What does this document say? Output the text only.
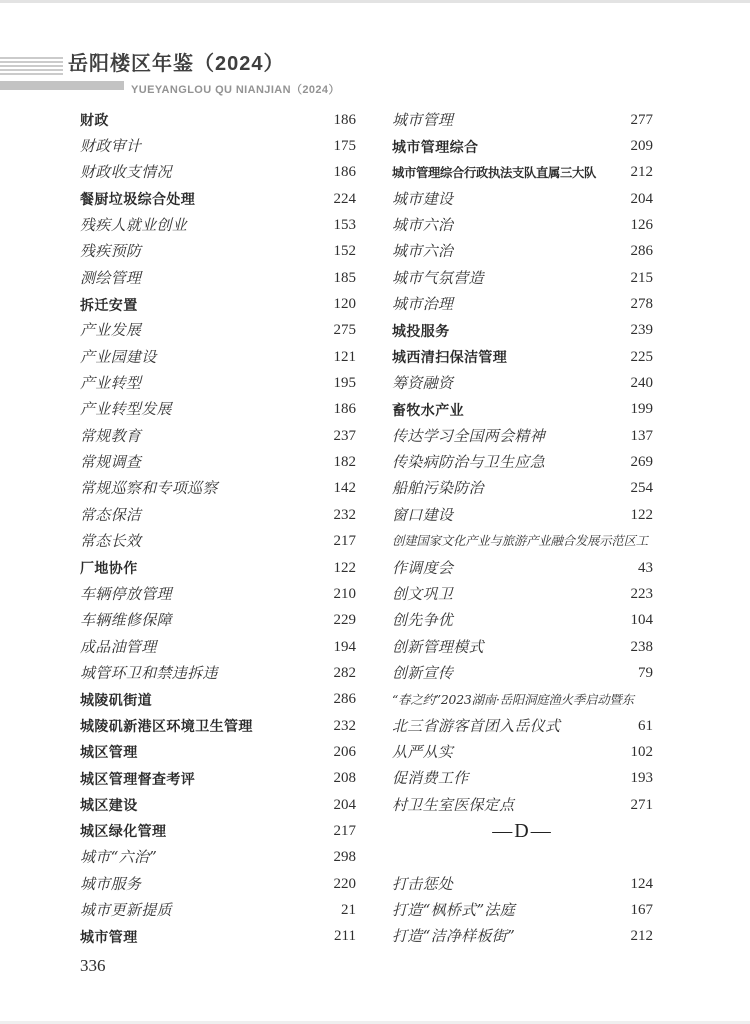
岳阳楼区年鉴（2024）
YUEYANGLOU QU NIANJIAN（2024）
财政	186
财政审计	175
财政收支情况	186
餐厨垃圾综合处理	224
残疾人就业创业	153
残疾预防	152
测绘管理	185
拆迁安置	120
产业发展	275
产业园建设	121
产业转型	195
产业转型发展	186
常规教育	237
常规调查	182
常规巡察和专项巡察	142
常态保洁	232
常态长效	217
厂地协作	122
车辆停放管理	210
车辆维修保障	229
成品油管理	194
城管环卫和禁违拆违	282
城陵矶街道	286
城陵矶新港区环境卫生管理	232
城区管理	206
城区管理督查考评	208
城区建设	204
城区绿化管理	217
城市“六治”	298
城市服务	220
城市更新提质	21
城市管理	211
城市管理	277
城市管理综合	209
城市管理综合行政执法支队直属三大队	212
城市建设	204
城市六治	126
城市六治	286
城市气氛营造	215
城市治理	278
城投服务	239
城西清扫保洁管理	225
筹资融资	240
畜牧水产业	199
传达学习全国两会精神	137
传染病防治与卫生应急	269
船舶污染防治	254
窗口建设	122
创建国家文化产业与旅游产业融合发展示范区工
作调度会	43
创文巩卫	223
创先争优	104
创新管理模式	238
创新宣传	79
“春之约”2023湖南·岳阳洞庭渔火季启动暨东
北三省游客首团入岳仪式	61
从严从实	102
促消费工作	193
村卫生室医保定点	271
—D—
打击惩处	124
打造“枫桥式”法庭	167
打造“洁净样板街”	212
336
